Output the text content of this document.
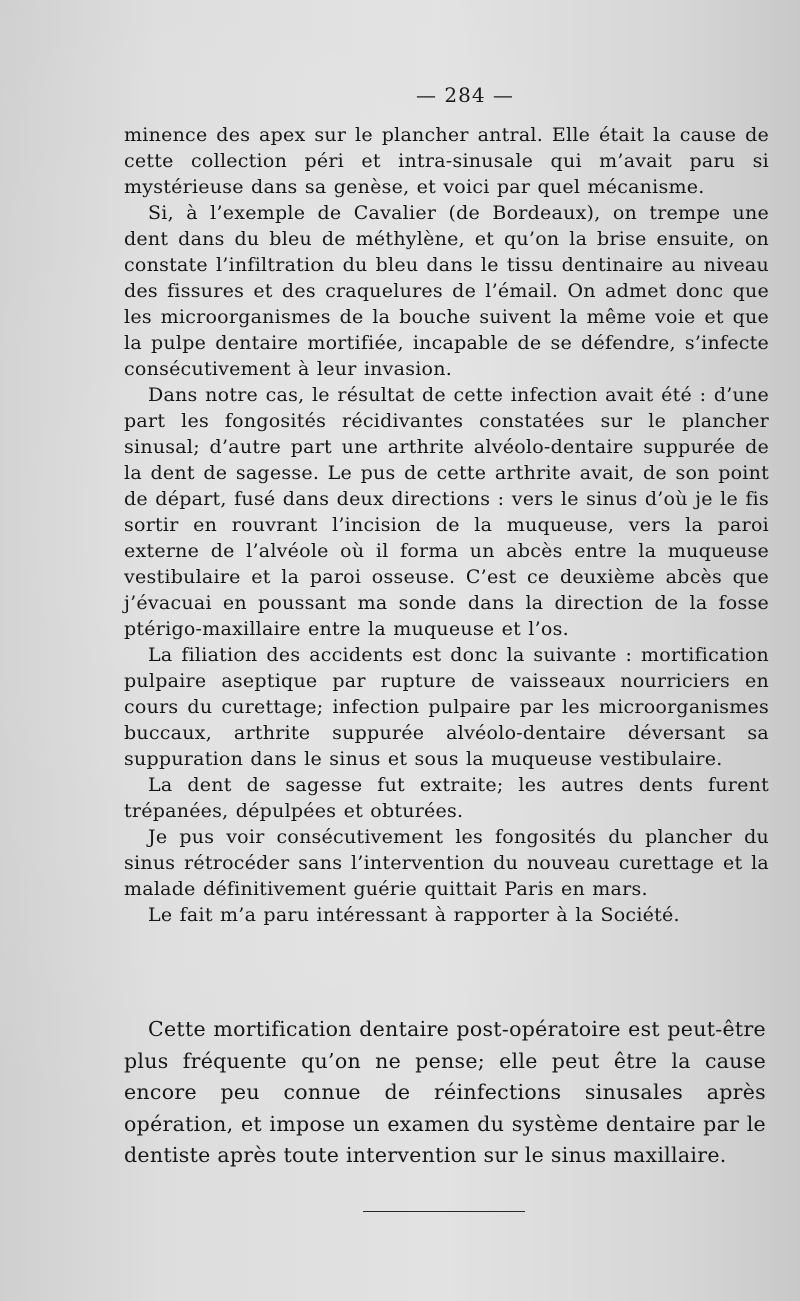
— 284 —

minence des apex sur le plancher antral. Elle était la cause de cette collection péri et intra-sinusale qui m’avait paru si mystérieuse dans sa genèse, et voici par quel mécanisme.

Si, à l’exemple de Cavalier (de Bordeaux), on trempe une dent dans du bleu de méthylène, et qu’on la brise ensuite, on constate l’infiltration du bleu dans le tissu dentinaire au niveau des fissures et des craquelures de l’émail. On admet donc que les microorganismes de la bouche suivent la même voie et que la pulpe dentaire mortifiée, incapable de se défendre, s’infecte consécutivement à leur invasion.

Dans notre cas, le résultat de cette infection avait été : d’une part les fongosités récidivantes constatées sur le plancher sinusal; d’autre part une arthrite alvéolo-dentaire suppurée de la dent de sagesse. Le pus de cette arthrite avait, de son point de départ, fusé dans deux directions : vers le sinus d’où je le fis sortir en rouvrant l’incision de la muqueuse, vers la paroi externe de l’alvéole où il forma un abcès entre la muqueuse vestibulaire et la paroi osseuse. C’est ce deuxième abcès que j’évacuai en poussant ma sonde dans la direction de la fosse ptérigo-maxillaire entre la muqueuse et l’os.

La filiation des accidents est donc la suivante : mortification pulpaire aseptique par rupture de vaisseaux nourriciers en cours du curettage; infection pulpaire par les microorganismes buccaux, arthrite suppurée alvéolo-dentaire déversant sa suppuration dans le sinus et sous la muqueuse vestibulaire.

La dent de sagesse fut extraite; les autres dents furent trépanées, dépulpées et obturées.

Je pus voir consécutivement les fongosités du plancher du sinus rétrocéder sans l’intervention du nouveau curettage et la malade définitivement guérie quittait Paris en mars.

Le fait m’a paru intéressant à rapporter à la Société.

Cette mortification dentaire post-opératoire est peut-être plus fréquente qu’on ne pense; elle peut être la cause encore peu connue de réinfections sinusales après opération, et impose un examen du système dentaire par le dentiste après toute intervention sur le sinus maxillaire.
